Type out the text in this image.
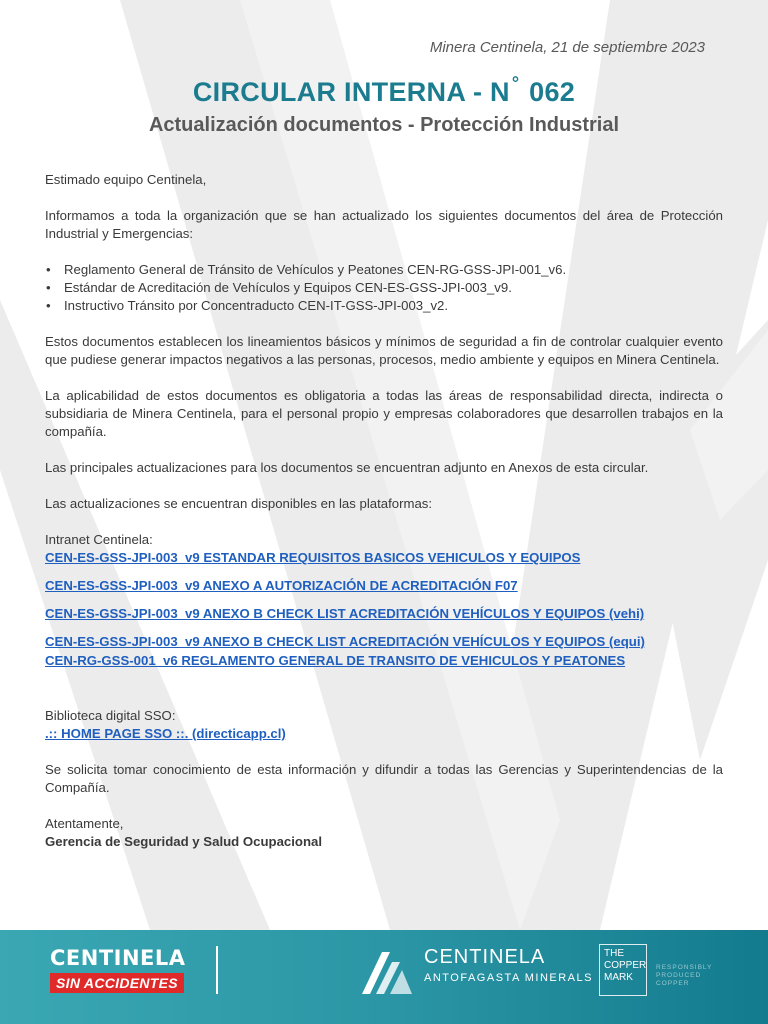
Minera Centinela, 21 de septiembre 2023
CIRCULAR INTERNA - N ° 062
Actualización documentos - Protección Industrial

Estimado equipo Centinela,

Informamos a toda la organización que se han actualizado los siguientes documentos del área de Protección Industrial y Emergencias:

• Reglamento General de Tránsito de Vehículos y Peatones CEN-RG-GSS-JPI-001_v6.
• Estándar de Acreditación de Vehículos y Equipos CEN-ES-GSS-JPI-003_v9.
• Instructivo Tránsito por Concentraducto CEN-IT-GSS-JPI-003_v2.

Estos documentos establecen los lineamientos básicos y mínimos de seguridad a fin de controlar cualquier evento que pudiese generar impactos negativos a las personas, procesos, medio ambiente y equipos en Minera Centinela.

La aplicabilidad de estos documentos es obligatoria a todas las áreas de responsabilidad directa, indirecta o subsidiaria de Minera Centinela, para el personal propio y empresas colaboradores que desarrollen trabajos en la compañía.

Las principales actualizaciones para los documentos se encuentran adjunto en Anexos de esta circular.

Las actualizaciones se encuentran disponibles en las plataformas:

Intranet Centinela:

CEN-ES-GSS-JPI-003_v9 ESTANDAR REQUISITOS BASICOS VEHICULOS Y EQUIPOS
CEN-ES-GSS-JPI-003_v9 ANEXO A AUTORIZACIÓN DE ACREDITACIÓN F07
CEN-ES-GSS-JPI-003_v9 ANEXO B CHECK LIST ACREDITACIÓN VEHÍCULOS Y EQUIPOS (vehi)
CEN-ES-GSS-JPI-003_v9 ANEXO B CHECK LIST ACREDITACIÓN VEHÍCULOS Y EQUIPOS (equi)
CEN-RG-GSS-001_v6 REGLAMENTO GENERAL DE TRANSITO DE VEHICULOS Y PEATONES

Biblioteca digital SSO:

.:: HOME PAGE SSO ::. (directicapp.cl)

Se solicita tomar conocimiento de esta información y difundir a todas las Gerencias y Superintendencias de la Compañía.

Atentamente,

Gerencia de Seguridad y Salud Ocupacional

CENTINELA
SIN ACCIDENTES
CENTINELA
ANTOFAGASTA MINERALS
THE
COPPER
MARK
RESPONSIBLY PRODUCED COPPER
